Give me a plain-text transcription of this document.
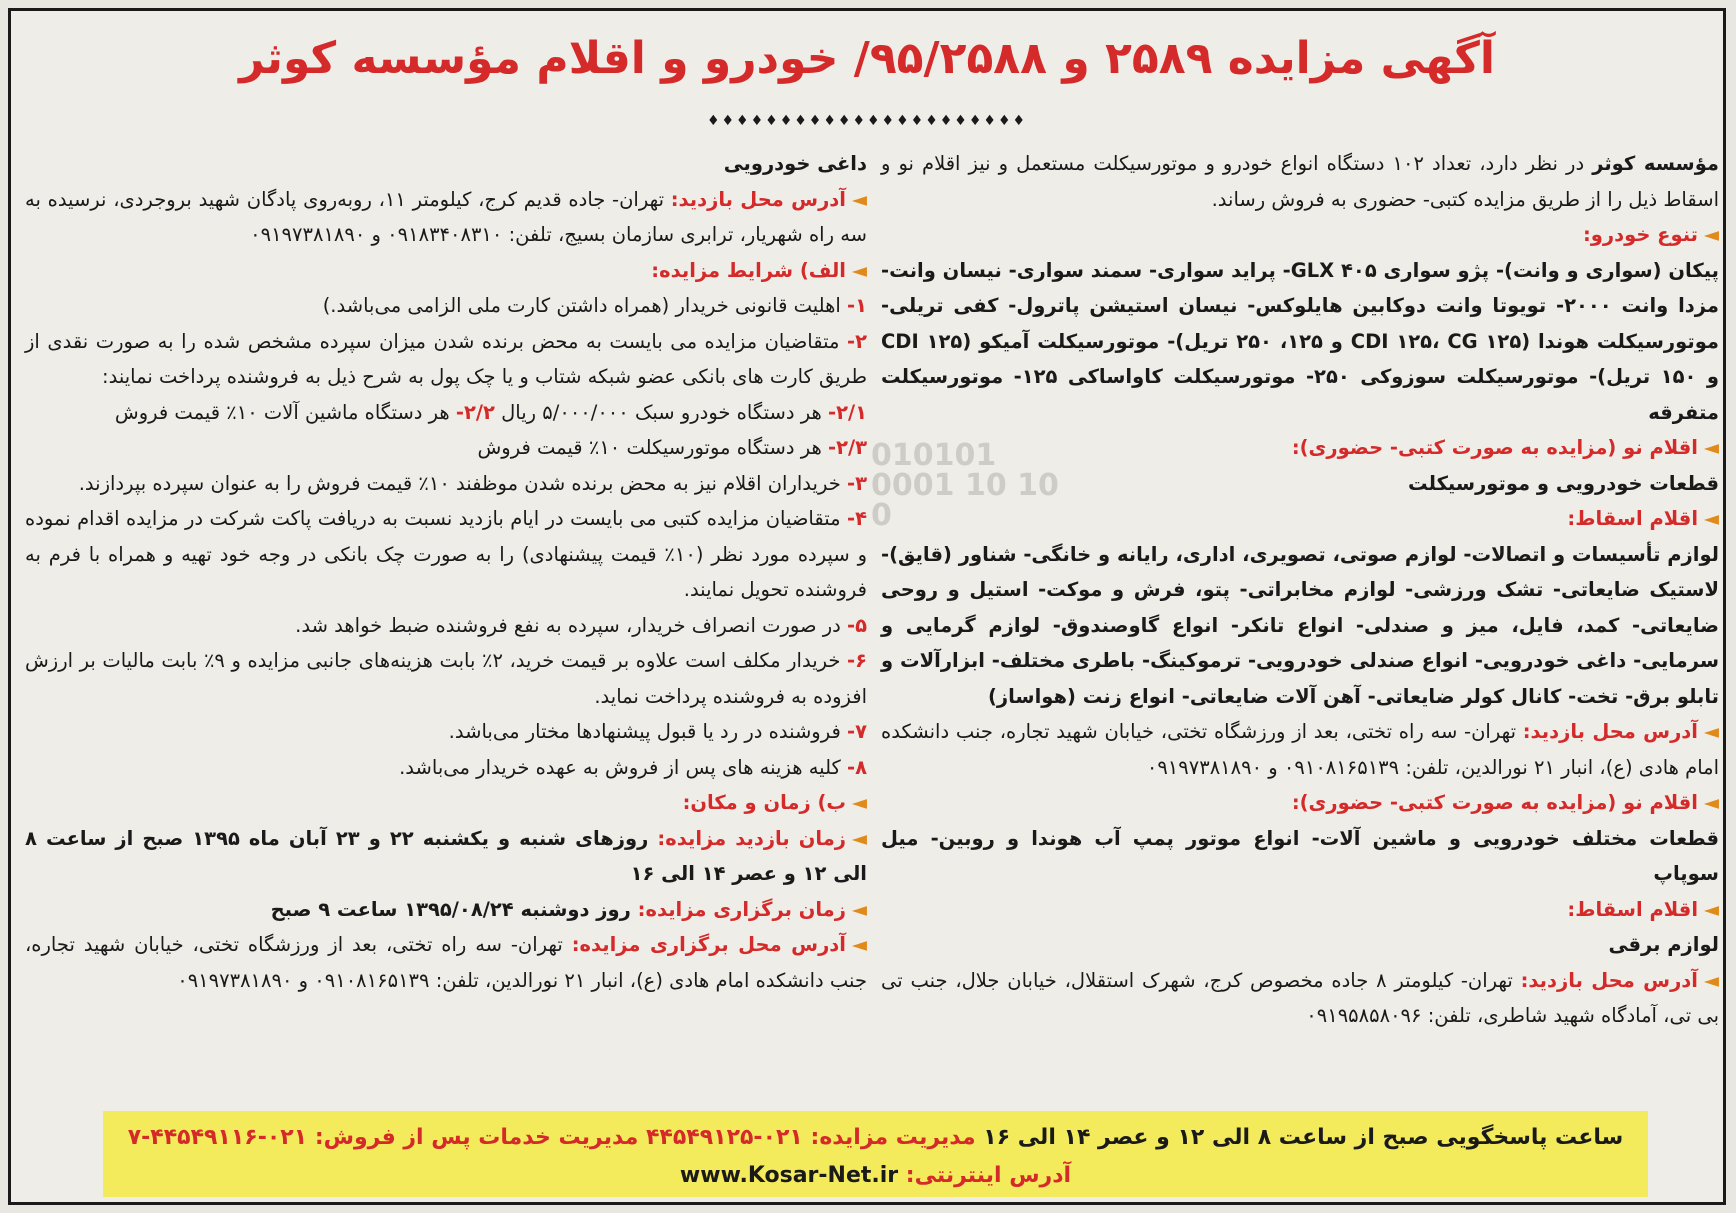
آگهی مزایده ۲۵۸۹ و ۹۵/۲۵۸۸/ خودرو و اقلام مؤسسه کوثر
♦♦♦♦♦♦♦♦♦♦♦♦♦♦♦♦♦♦♦♦♦♦
010101 0001 10 10 0

مؤسسه کوثر در نظر دارد، تعداد ۱۰۲ دستگاه انواع خودرو و موتورسیکلت مستعمل و نیز اقلام نو و اسقاط ذیل را از طریق مزایده کتبی- حضوری به فروش رساند.

◄تنوع خودرو:

پیکان (سواری و وانت)- پژو سواری GLX ۴۰۵- پراید سواری- سمند سواری- نیسان وانت- مزدا وانت ۲۰۰۰- تویوتا وانت دوکابین هایلوکس- نیسان استیشن پاترول- کفی تریلی- موتورسیکلت هوندا (CDI ۱۲۵، CG ۱۲۵ و ۱۲۵، ۲۵۰ تریل)- موتورسیکلت آمیکو (CDI ۱۲۵ و ۱۵۰ تریل)- موتورسیکلت سوزوکی ۲۵۰- موتورسیکلت کاواساکی ۱۲۵- موتورسیکلت متفرقه

◄اقلام نو (مزایده به صورت کتبی- حضوری):

قطعات خودرویی و موتورسیکلت

◄اقلام اسقاط:

لوازم تأسیسات و اتصالات- لوازم صوتی، تصویری، اداری، رایانه و خانگی- شناور (قایق)- لاستیک ضایعاتی- تشک ورزشی- لوازم مخابراتی- پتو، فرش و موکت- استیل و روحی ضایعاتی- کمد، فایل، میز و صندلی- انواع تانکر- انواع گاوصندوق- لوازم گرمایی و سرمایی- داغی خودرویی- انواع صندلی خودرویی- ترموکینگ- باطری مختلف- ابزارآلات و تابلو برق- تخت- کانال کولر ضایعاتی- آهن آلات ضایعاتی- انواع زنت (هواساز)

◄آدرس محل بازدید: تهران- سه راه تختی، بعد از ورزشگاه تختی، خیابان شهید تجاره، جنب دانشکده امام هادی (ع)، انبار ۲۱ نورالدین، تلفن: ۰۹۱۰۸۱۶۵۱۳۹ و ۰۹۱۹۷۳۸۱۸۹۰

◄اقلام نو (مزایده به صورت کتبی- حضوری):

قطعات مختلف خودرویی و ماشین آلات- انواع موتور پمپ آب هوندا و روبین- میل سوپاپ

◄اقلام اسقاط:

لوازم برقی

◄آدرس محل بازدید: تهران- کیلومتر ۸ جاده مخصوص کرج، شهرک استقلال، خیابان جلال، جنب تی بی تی، آمادگاه شهید شاطری، تلفن: ۰۹۱۹۵۸۵۸۰۹۶

داغی خودرویی

◄آدرس محل بازدید: تهران- جاده قدیم کرج، کیلومتر ۱۱، روبه‌روی پادگان شهید بروجردی، نرسیده به سه راه شهریار، ترابری سازمان بسیج، تلفن: ۰۹۱۸۳۴۰۸۳۱۰ و ۰۹۱۹۷۳۸۱۸۹۰

◄الف) شرایط مزایده:

۱- اهلیت قانونی خریدار (همراه داشتن کارت ملی الزامی می‌باشد.)

۲- متقاضیان مزایده می بایست به محض برنده شدن میزان سپرده مشخص شده را به صورت نقدی از طریق کارت های بانکی عضو شبکه شتاب و یا چک پول به شرح ذیل به فروشنده پرداخت نمایند:

۲/۱- هر دستگاه خودرو سبک ۵/۰۰۰/۰۰۰ ریال ۲/۲- هر دستگاه ماشین آلات ۱۰٪ قیمت فروش

۲/۳- هر دستگاه موتورسیکلت ۱۰٪ قیمت فروش

۳- خریداران اقلام نیز به محض برنده شدن موظفند ۱۰٪ قیمت فروش را به عنوان سپرده بپردازند.

۴- متقاضیان مزایده کتبی می بایست در ایام بازدید نسبت به دریافت پاکت شرکت در مزایده اقدام نموده و سپرده مورد نظر (۱۰٪ قیمت پیشنهادی) را به صورت چک بانکی در وجه خود تهیه و همراه با فرم به فروشنده تحویل نمایند.

۵- در صورت انصراف خریدار، سپرده به نفع فروشنده ضبط خواهد شد.

۶- خریدار مکلف است علاوه بر قیمت خرید، ۲٪ بابت هزینه‌های جانبی مزایده و ۹٪ بابت مالیات بر ارزش افزوده به فروشنده پرداخت نماید.

۷- فروشنده در رد یا قبول پیشنهادها مختار می‌باشد.

۸- کلیه هزینه های پس از فروش به عهده خریدار می‌باشد.

◄ب) زمان و مکان:

◄زمان بازدید مزایده: روزهای شنبه و یکشنبه ۲۲ و ۲۳ آبان ماه ۱۳۹۵ صبح از ساعت ۸ الی ۱۲ و عصر ۱۴ الی ۱۶

◄زمان برگزاری مزایده: روز دوشنبه ۱۳۹۵/۰۸/۲۴ ساعت ۹ صبح

◄آدرس محل برگزاری مزایده: تهران- سه راه تختی، بعد از ورزشگاه تختی، خیابان شهید تجاره، جنب دانشکده امام هادی (ع)، انبار ۲۱ نورالدین، تلفن: ۰۹۱۰۸۱۶۵۱۳۹ و ۰۹۱۹۷۳۸۱۸۹۰

ساعت پاسخگویی صبح از ساعت ۸ الی ۱۲ و عصر ۱۴ الی ۱۶ مدیریت مزایده: ۰۲۱-۴۴۵۴۹۱۲۵ مدیریت خدمات پس از فروش: ۰۲۱-۴۴۵۴۹۱۱۶-۷
آدرس اینترنتی: www.Kosar-Net.ir
